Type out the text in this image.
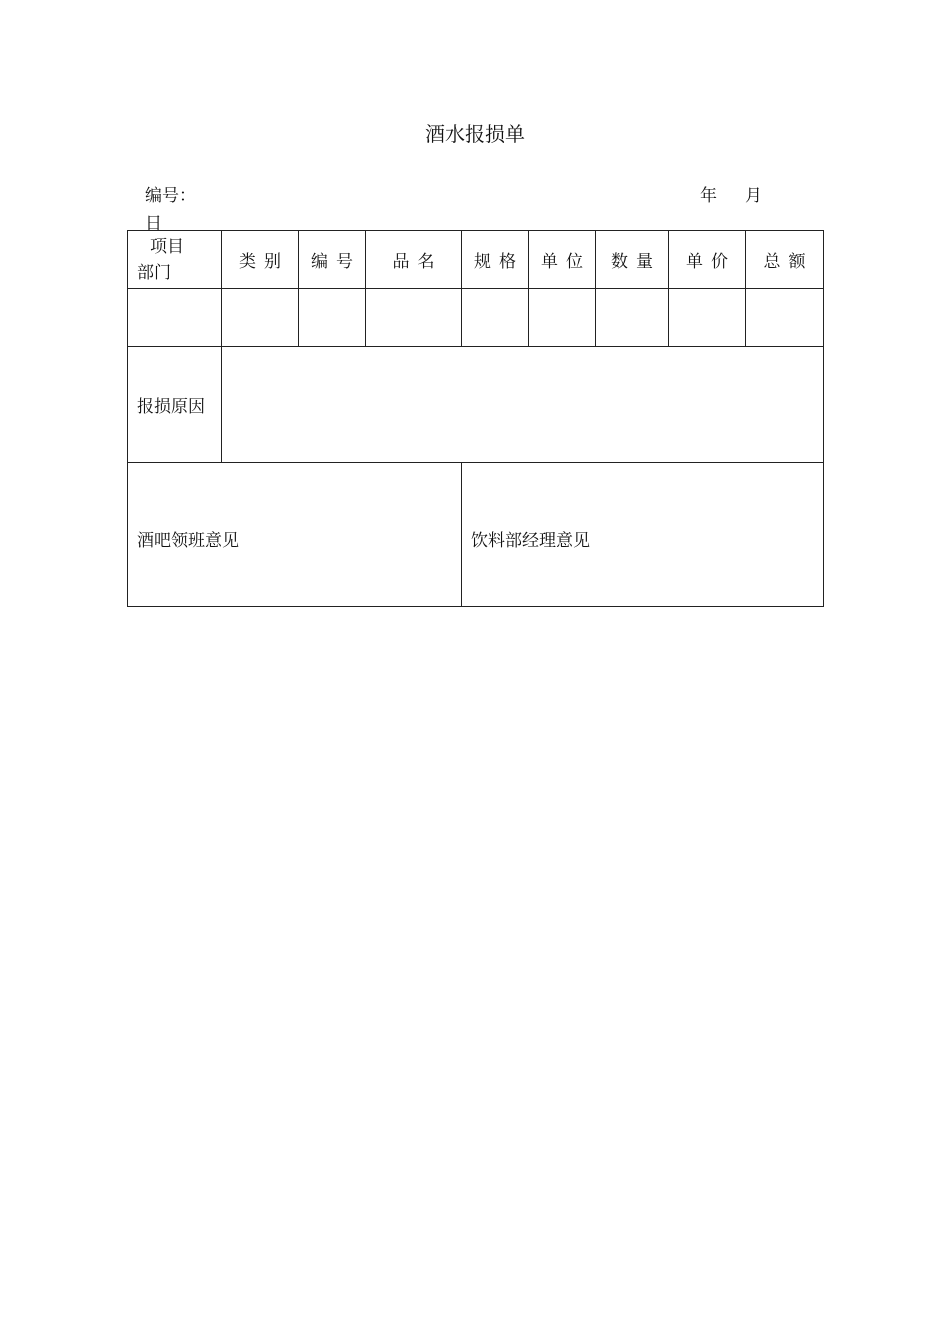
酒水报损单
编号：	年 月
日
项目
部门	类别	编号	品名	规格	单位	数量	单价	总额

报损原因								

酒吧领班意见				饮料部经理意见				
